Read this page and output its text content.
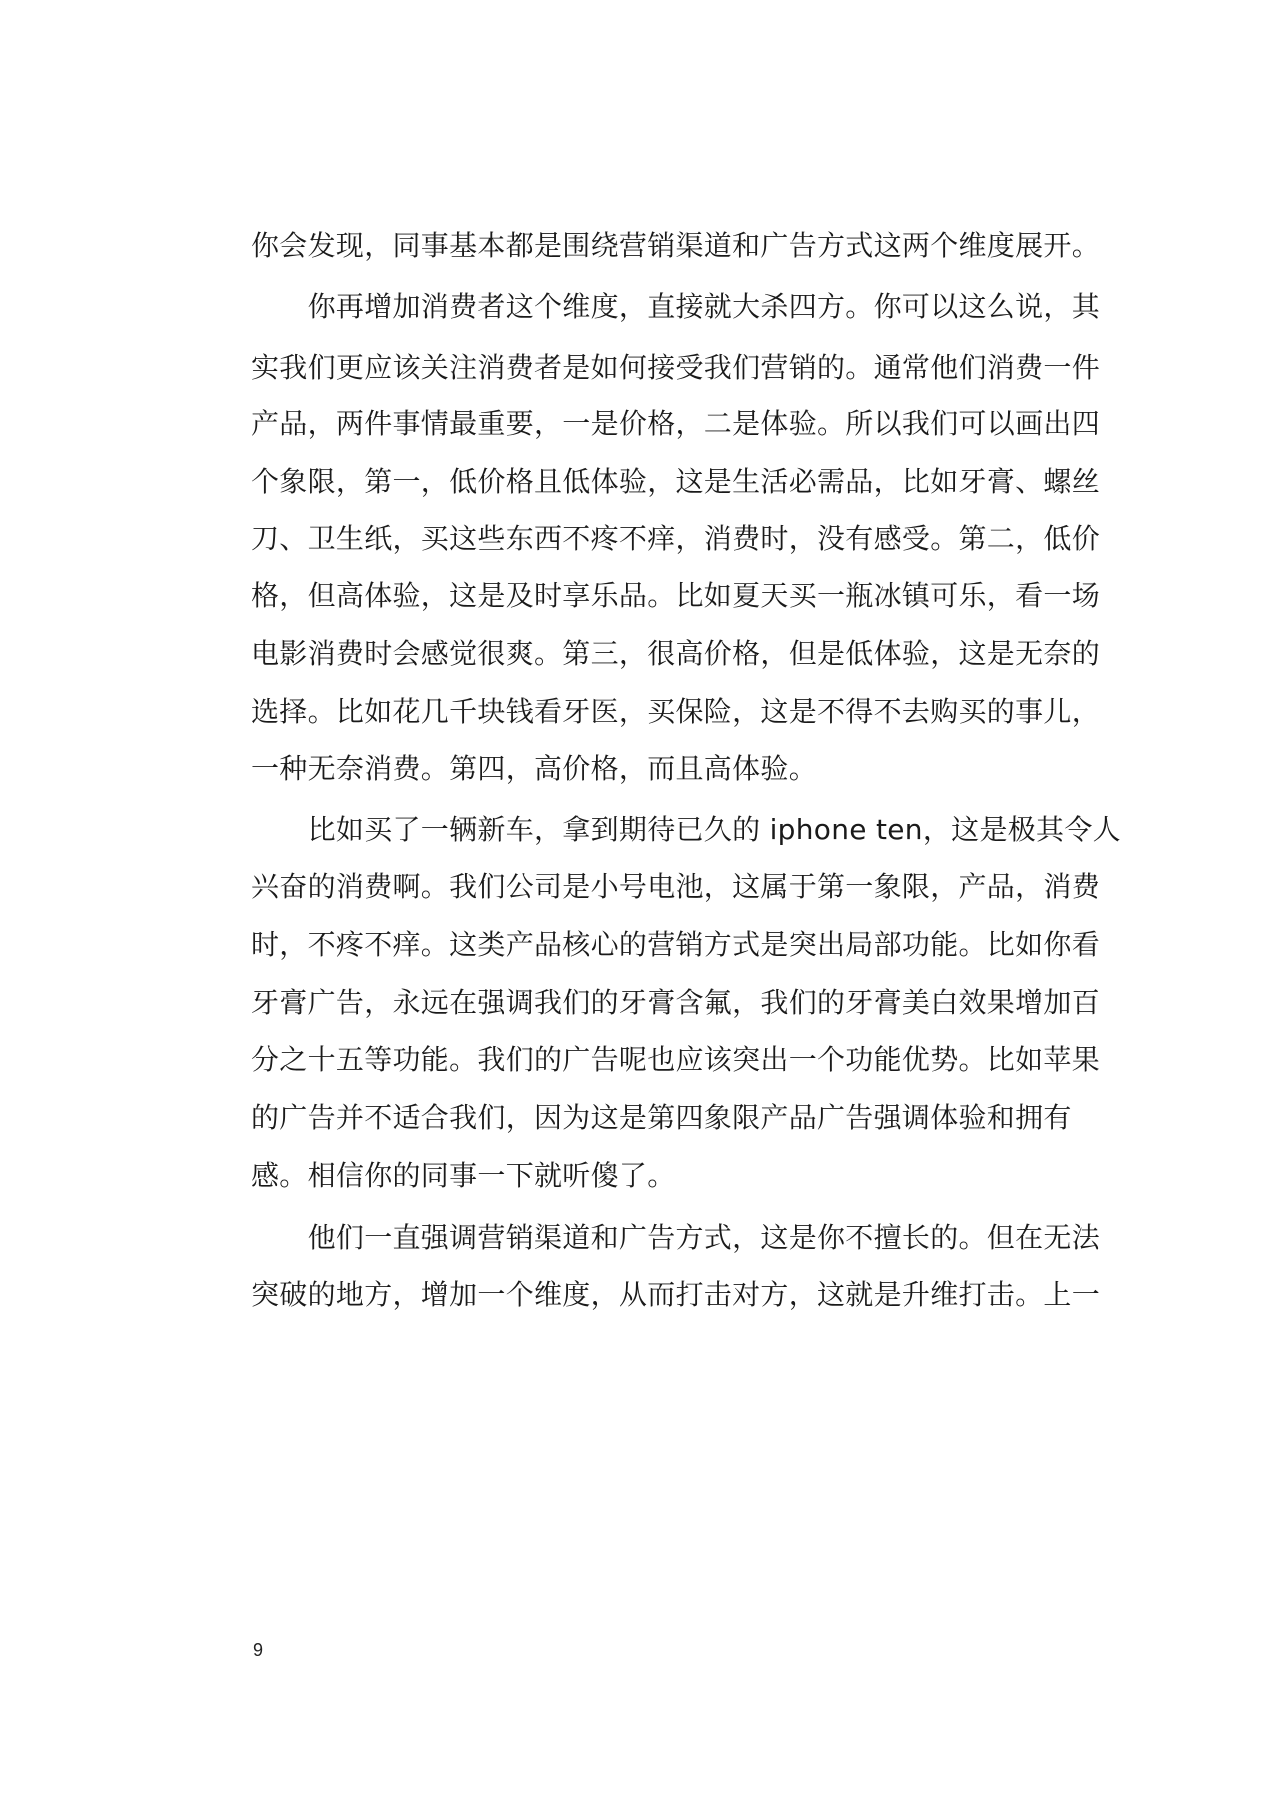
你会发现，同事基本都是围绕营销渠道和广告方式这两个维度展开。
　　你再增加消费者这个维度，直接就大杀四方。你可以这么说，其
实我们更应该关注消费者是如何接受我们营销的。通常他们消费一件
产品，两件事情最重要，一是价格，二是体验。所以我们可以画出四
个象限，第一，低价格且低体验，这是生活必需品，比如牙膏、螺丝
刀、卫生纸，买这些东西不疼不痒，消费时，没有感受。第二，低价
格，但高体验，这是及时享乐品。比如夏天买一瓶冰镇可乐，看一场
电影消费时会感觉很爽。第三，很高价格，但是低体验，这是无奈的
选择。比如花几千块钱看牙医，买保险，这是不得不去购买的事儿，
一种无奈消费。第四，高价格，而且高体验。
　　比如买了一辆新车，拿到期待已久的 iphone ten，这是极其令人
兴奋的消费啊。我们公司是小号电池，这属于第一象限，产品，消费
时，不疼不痒。这类产品核心的营销方式是突出局部功能。比如你看
牙膏广告，永远在强调我们的牙膏含氟，我们的牙膏美白效果增加百
分之十五等功能。我们的广告呢也应该突出一个功能优势。比如苹果
的广告并不适合我们，因为这是第四象限产品广告强调体验和拥有
感。相信你的同事一下就听傻了。
　　他们一直强调营销渠道和广告方式，这是你不擅长的。但在无法
突破的地方，增加一个维度，从而打击对方，这就是升维打击。上一
9
